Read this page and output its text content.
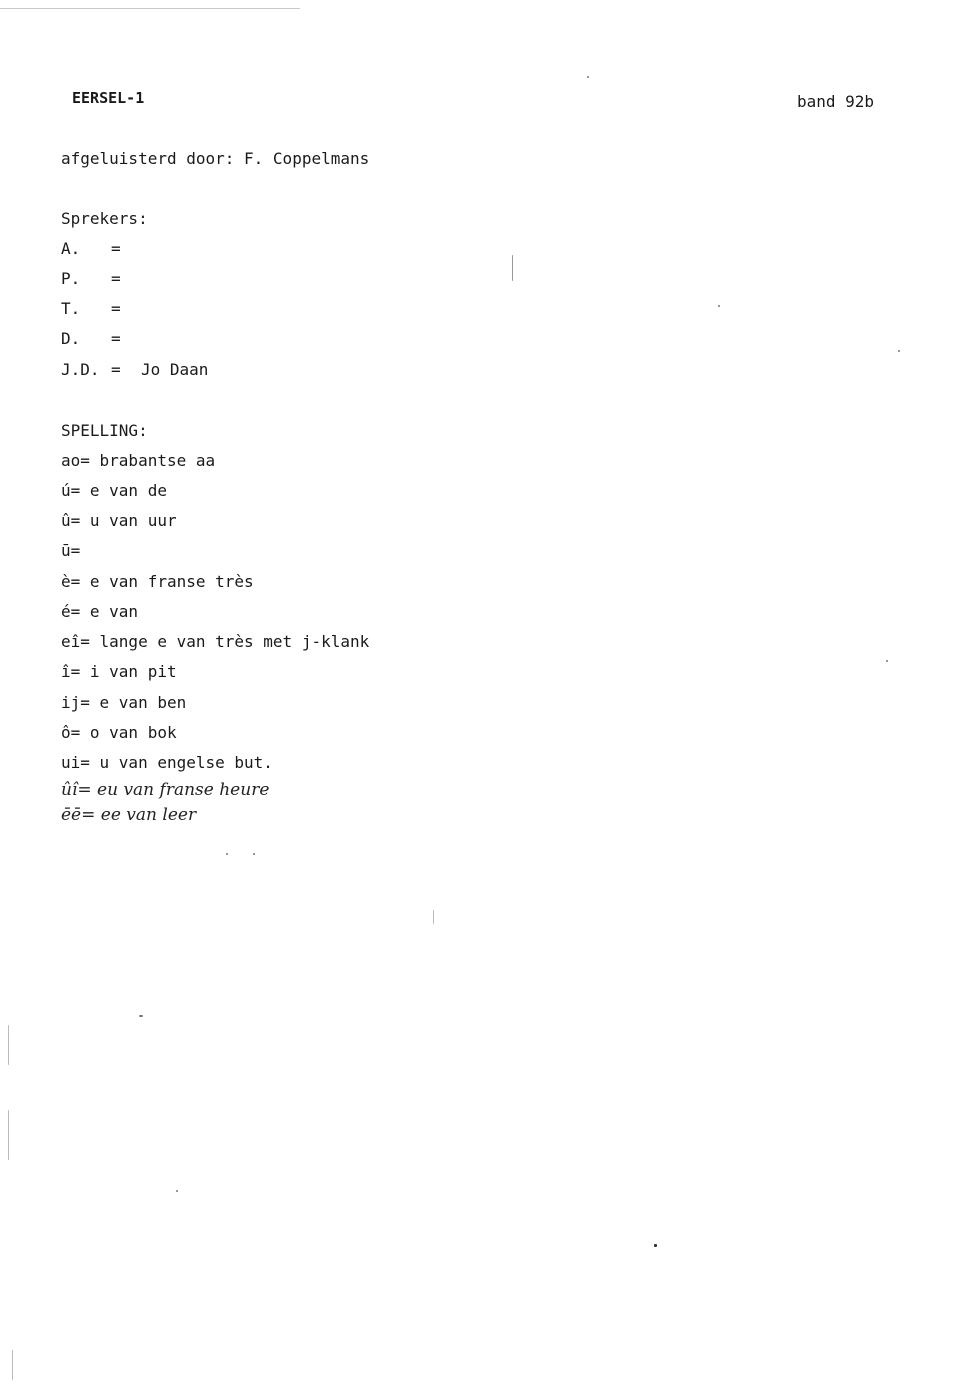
EERSEL-1	band 92b
afgeluisterd door: F. Coppelmans
Sprekers:
A. =
P. =
T. =
D. =
J.D. = Jo Daan
SPELLING:
ao= brabantse aa
ú= e van de
û= u van uur
ū=
è= e van franse très
é= e van
eî= lange e van très met j-klank
î= i van pit
ij= e van ben
ô= o van bok
ui= u van engelse but.
ûî= eu van franse heure
ēē= ee van leer
